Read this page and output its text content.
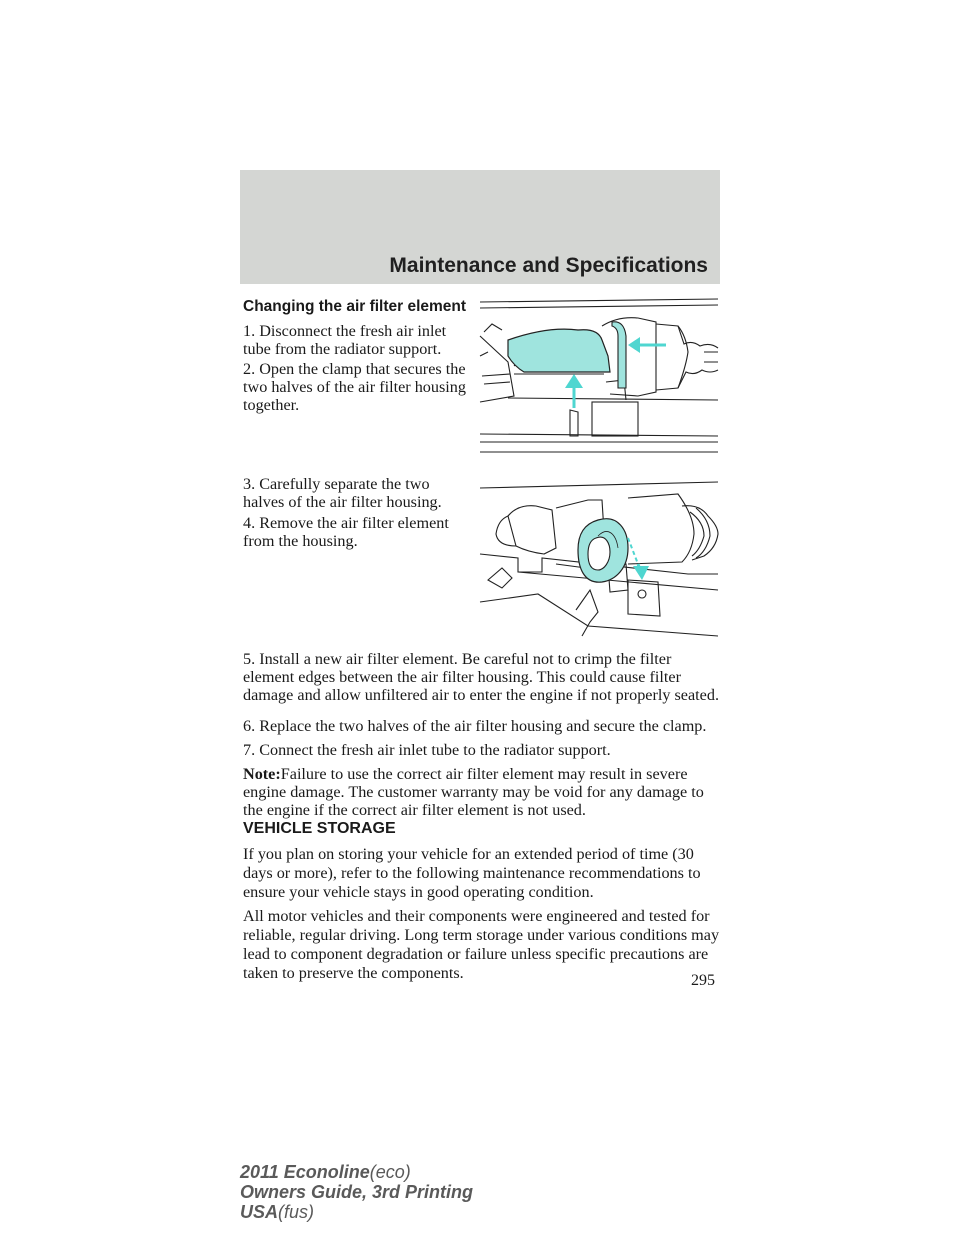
Maintenance and Specifications
Changing the air filter element

1. Disconnect the fresh air inlet tube from the radiator support.

2. Open the clamp that secures the two halves of the air filter housing together.

3. Carefully separate the two halves of the air filter housing.

4. Remove the air filter element from the housing.

5. Install a new air filter element. Be careful not to crimp the filter element edges between the air filter housing. This could cause filter damage and allow unfiltered air to enter the engine if not properly seated.

6. Replace the two halves of the air filter housing and secure the clamp.

7. Connect the fresh air inlet tube to the radiator support.

Note:Failure to use the correct air filter element may result in severe engine damage. The customer warranty may be void for any damage to the engine if the correct air filter element is not used.

VEHICLE STORAGE

If you plan on storing your vehicle for an extended period of time (30 days or more), refer to the following maintenance recommendations to ensure your vehicle stays in good operating condition.

All motor vehicles and their components were engineered and tested for reliable, regular driving. Long term storage under various conditions may lead to component degradation or failure unless specific precautions are taken to preserve the components.	295
2011 Econoline(eco)
Owners Guide, 3rd Printing
USA(fus)
